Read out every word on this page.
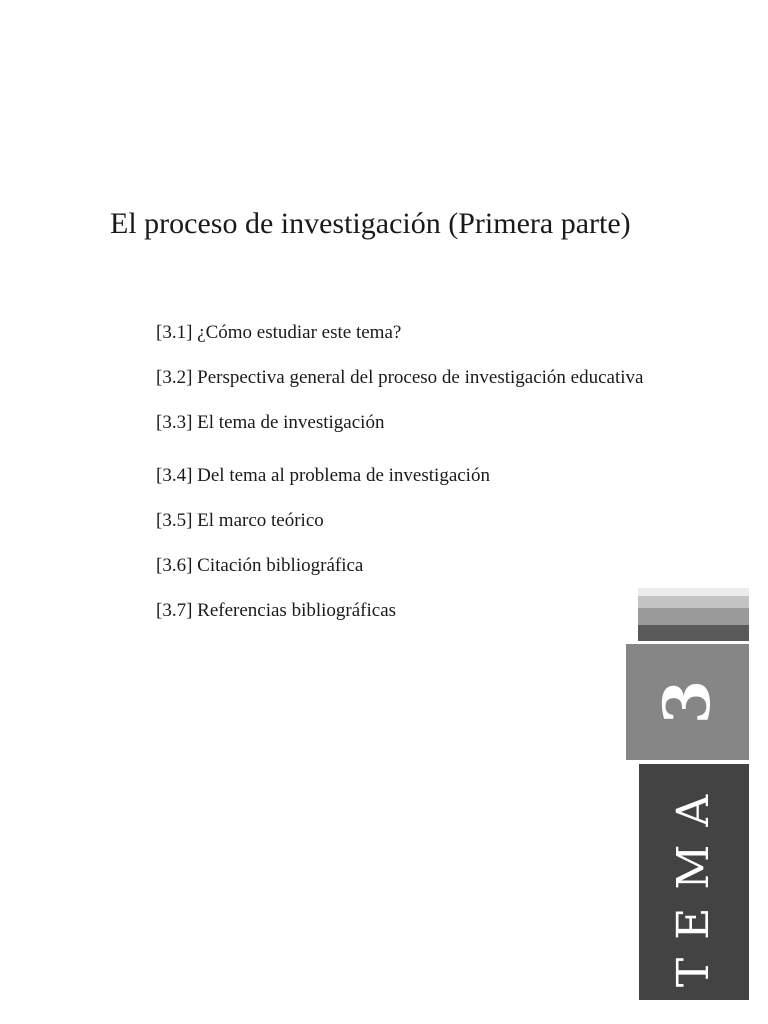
El proceso de investigación (Primera parte)
[3.1] ¿Cómo estudiar este tema?
[3.2] Perspectiva general del proceso de investigación educativa
[3.3] El tema de investigación
[3.4] Del tema al problema de investigación
[3.5] El marco teórico
[3.6] Citación bibliográfica
[3.7] Referencias bibliográficas
3
TEMA
